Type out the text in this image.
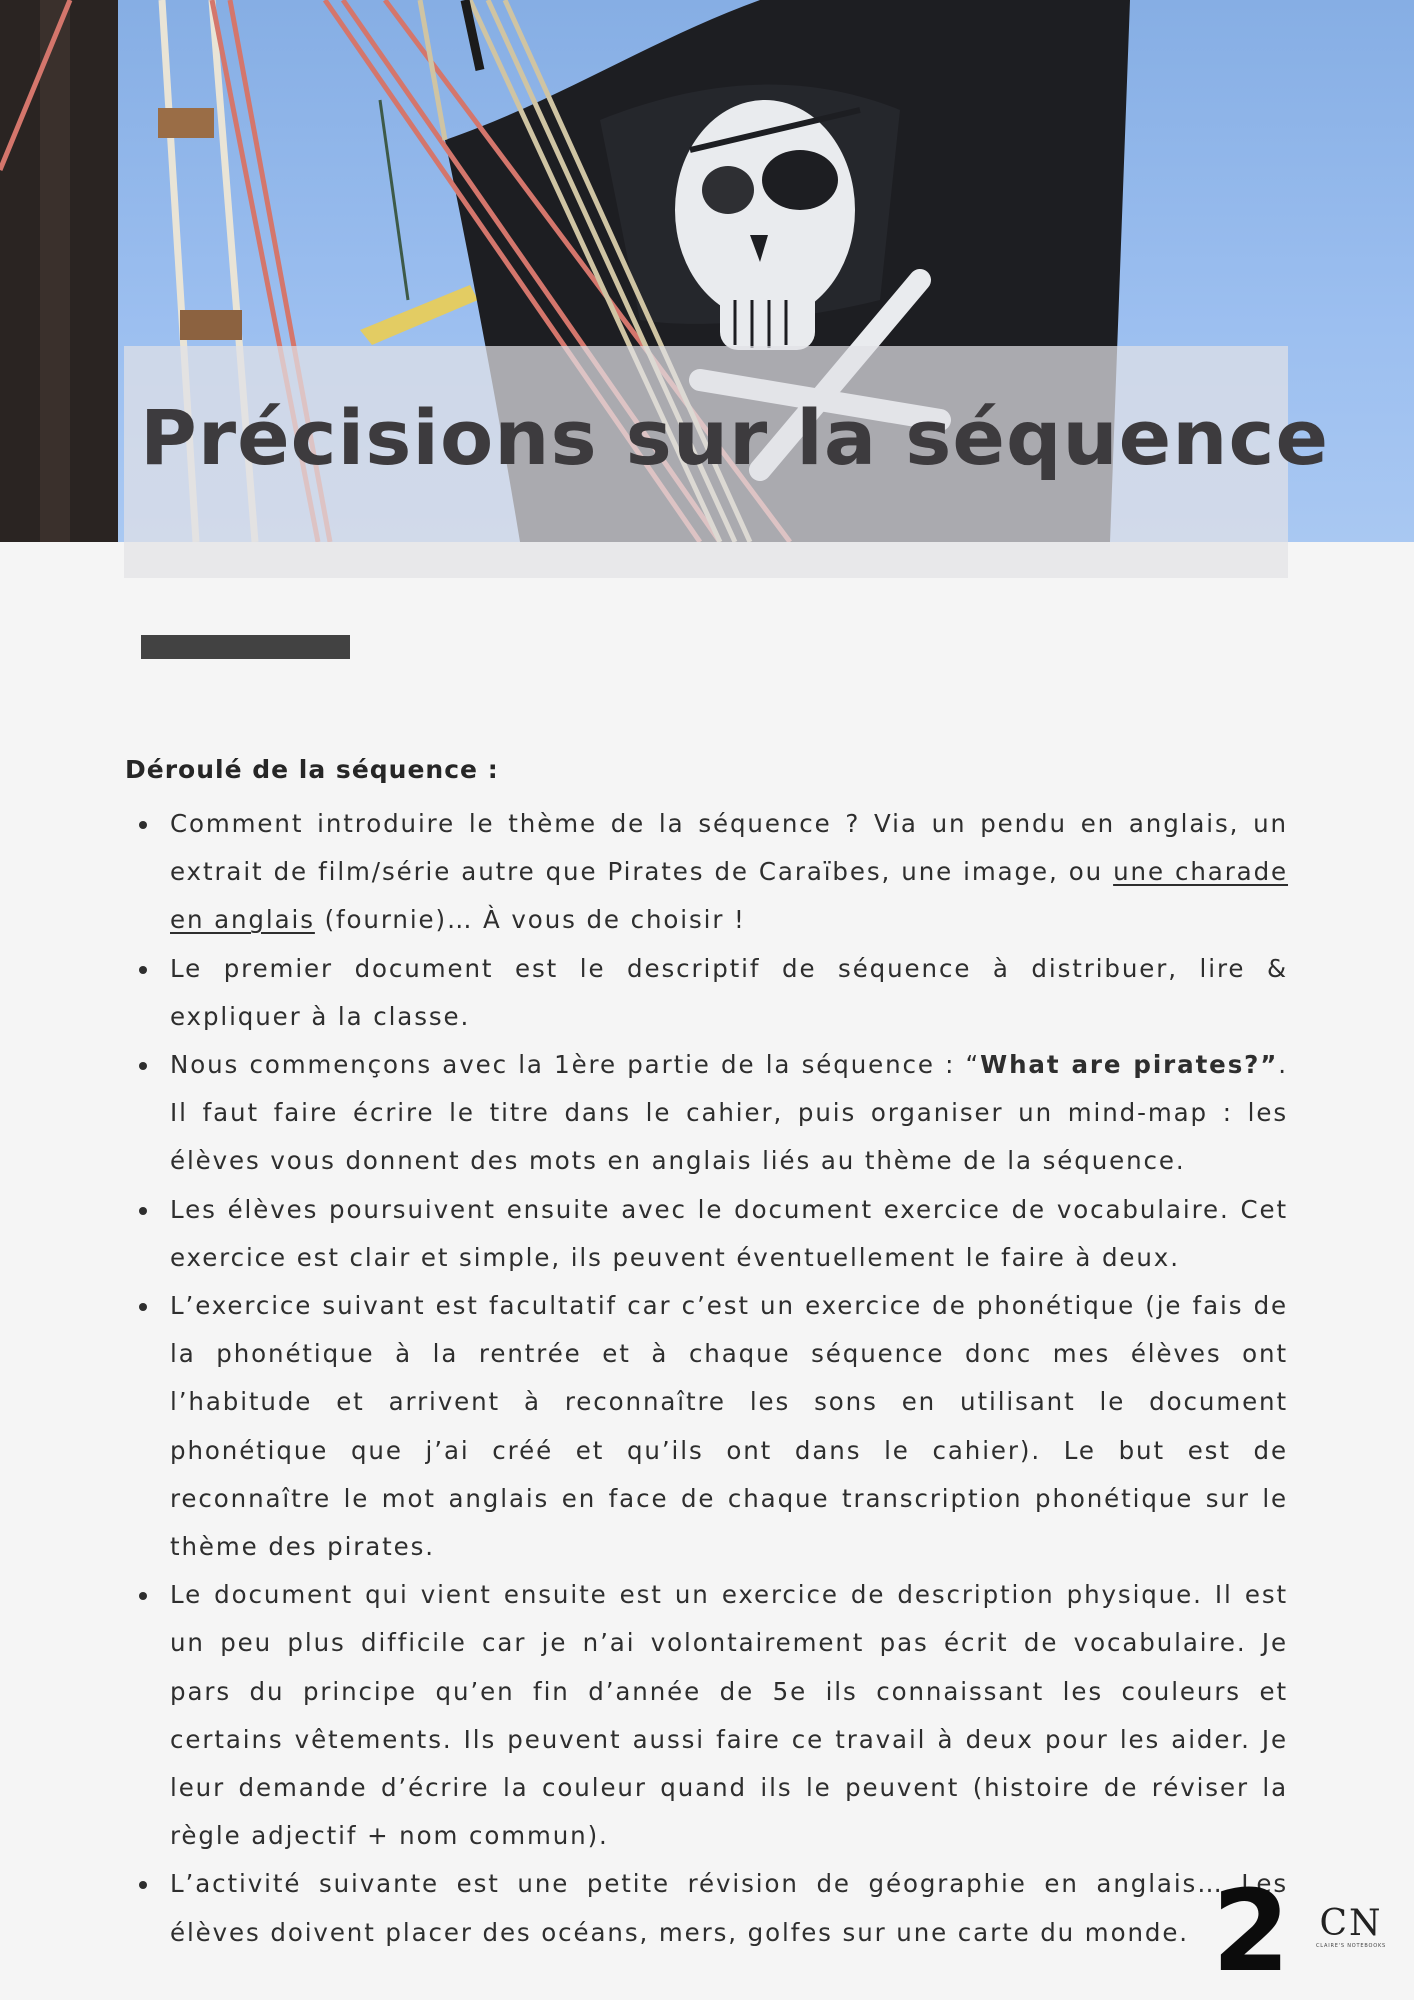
Précisions sur la séquence

Déroulé de la séquence :

Comment introduire le thème de la séquence ? Via un pendu en anglais, un extrait de film/série autre que Pirates de Caraïbes, une image, ou une charade en anglais (fournie)… À vous de choisir !
Le premier document est le descriptif de séquence à distribuer, lire & expliquer à la classe.
Nous commençons avec la 1ère partie de la séquence : “What are pirates?”. Il faut faire écrire le titre dans le cahier, puis organiser un mind-map : les élèves vous donnent des mots en anglais liés au thème de la séquence.
Les élèves poursuivent ensuite avec le document exercice de vocabulaire. Cet exercice est clair et simple, ils peuvent éventuellement le faire à deux.
L’exercice suivant est facultatif car c’est un exercice de phonétique (je fais de la phonétique à la rentrée et à chaque séquence donc mes élèves ont l’habitude et arrivent à reconnaître les sons en utilisant le document phonétique que j’ai créé et qu’ils ont dans le cahier). Le but est de reconnaître le mot anglais en face de chaque transcription phonétique sur le thème des pirates.
Le document qui vient ensuite est un exercice de description physique. Il est un peu plus difficile car je n’ai volontairement pas écrit de vocabulaire. Je pars du principe qu’en fin d’année de 5e ils connaissant les couleurs et certains vêtements. Ils peuvent aussi faire ce travail à deux pour les aider. Je leur demande d’écrire la couleur quand ils le peuvent (histoire de réviser la règle adjectif + nom commun).
L’activité suivante est une petite révision de géographie en anglais… Les élèves doivent placer des océans, mers, golfes sur une carte du monde. 2 CN
CLAIRE'S NOTEBOOKS
